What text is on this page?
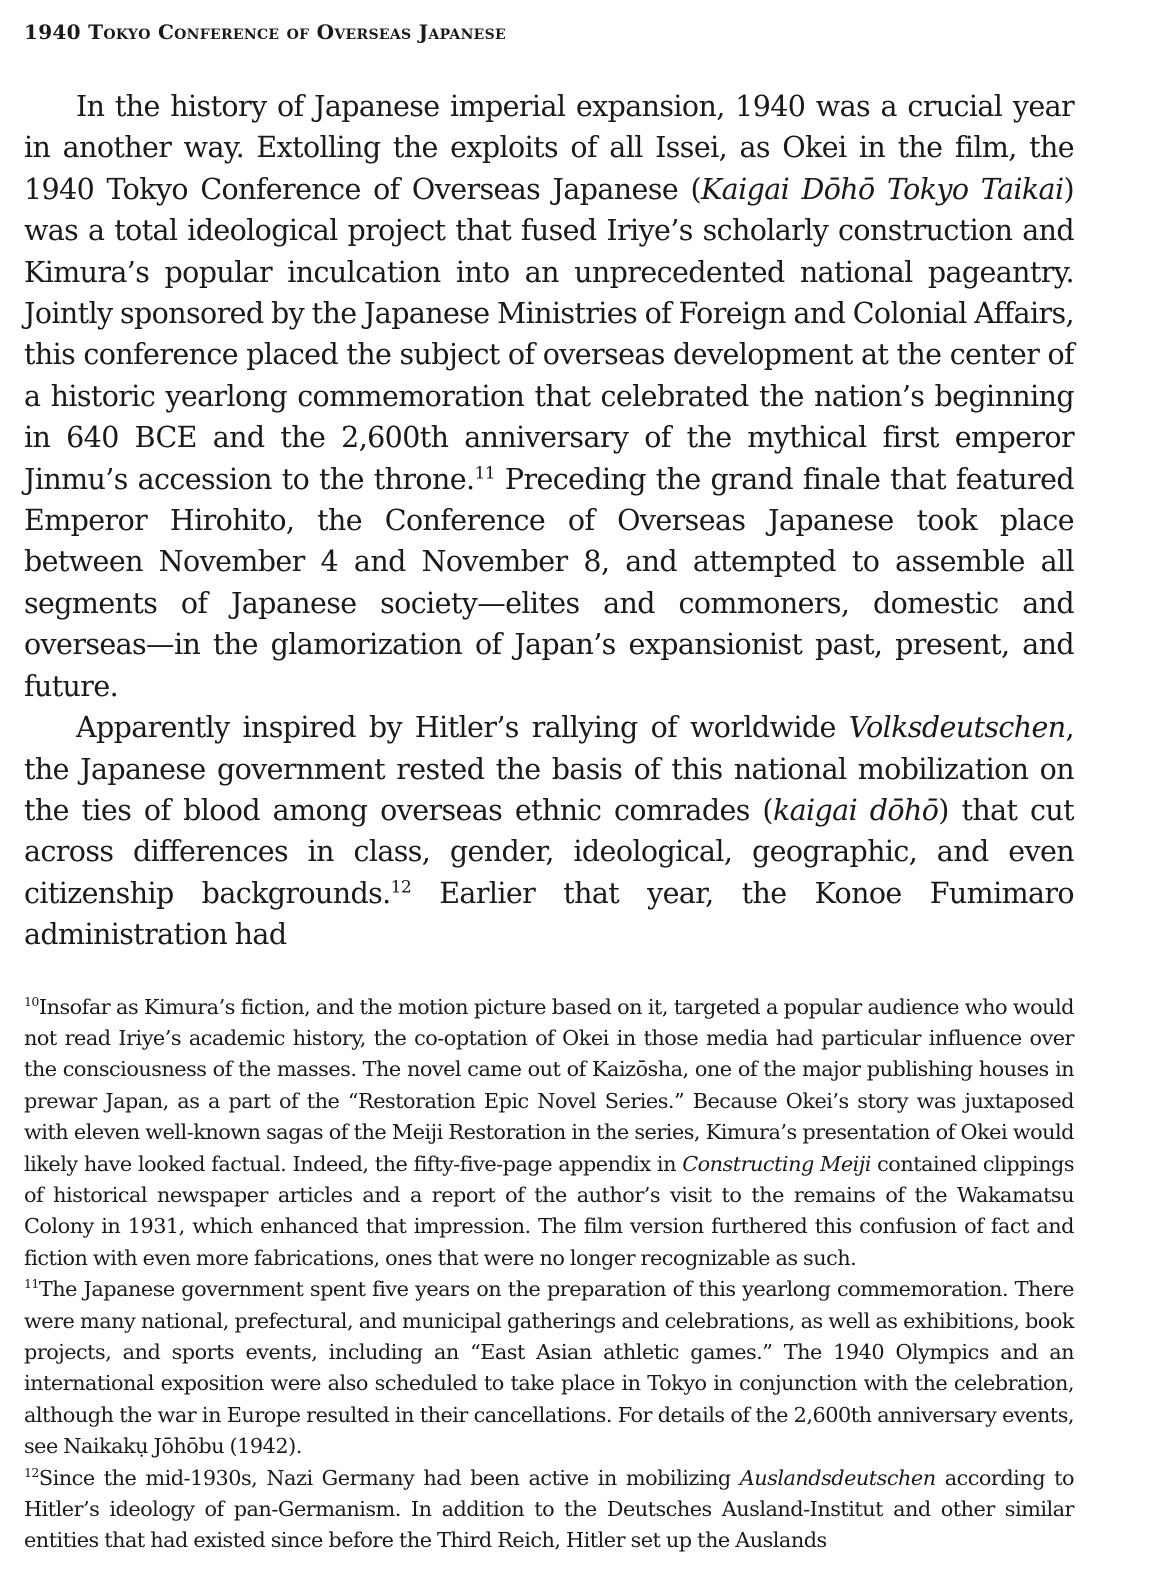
1940 Tokyo Conference of Overseas Japanese

In the history of Japanese imperial expansion, 1940 was a crucial year in another way. Extolling the exploits of all Issei, as Okei in the film, the 1940 Tokyo Conference of Overseas Japanese (Kaigai Dōhō Tokyo Taikai) was a total ideological project that fused Iriye’s scholarly construction and Kimura’s popular inculcation into an unprecedented national pageantry. Jointly sponsored by the Japanese Ministries of Foreign and Colonial Affairs, this conference placed the subject of overseas development at the center of a historic yearlong commemoration that celebrated the nation’s beginning in 640 BCE and the 2,600th anniversary of the mythical first emperor Jinmu’s accession to the throne.$^{11}$ Preceding the grand finale that featured Emperor Hirohito, the Conference of Overseas Japanese took place between November 4 and November 8, and attempted to assemble all segments of Japanese society—elites and commoners, domestic and overseas—in the glamorization of Japan’s expansionist past, present, and future.

Apparently inspired by Hitler’s rallying of worldwide Volksdeutschen, the Japanese government rested the basis of this national mobilization on the ties of blood among overseas ethnic comrades (kaigai dōhō) that cut across differences in class, gender, ideological, geographic, and even citizenship backgrounds.$^{12}$ Earlier that year, the Konoe Fumimaro administration had

$^{10}$Insofar as Kimura’s fiction, and the motion picture based on it, targeted a popular audience who would not read Iriye’s academic history, the co-optation of Okei in those media had particular influence over the consciousness of the masses. The novel came out of Kaizōsha, one of the major publishing houses in prewar Japan, as a part of the “Restoration Epic Novel Series.” Because Okei’s story was juxtaposed with eleven well-known sagas of the Meiji Restoration in the series, Kimura’s presentation of Okei would likely have looked factual. Indeed, the fifty-five-page appendix in Constructing Meiji contained clippings of historical newspaper articles and a report of the author’s visit to the remains of the Wakamatsu Colony in 1931, which enhanced that impression. The film version furthered this confusion of fact and fiction with even more fabrications, ones that were no longer recognizable as such.

$^{11}$The Japanese government spent five years on the preparation of this yearlong commemoration. There were many national, prefectural, and municipal gatherings and celebrations, as well as exhibitions, book projects, and sports events, including an “East Asian athletic games.” The 1940 Olympics and an international exposition were also scheduled to take place in Tokyo in conjunction with the celebration, although the war in Europe resulted in their cancellations. For details of the 2,600th anniversary events, see Naikakụ Jōhōbu (1942).

$^{12}$Since the mid-1930s, Nazi Germany had been active in mobilizing Auslandsdeutschen according to Hitler’s ideology of pan-Germanism. In addition to the Deutsches Ausland-Institut and other similar entities that had existed since before the Third Reich, Hitler set up the Auslands
